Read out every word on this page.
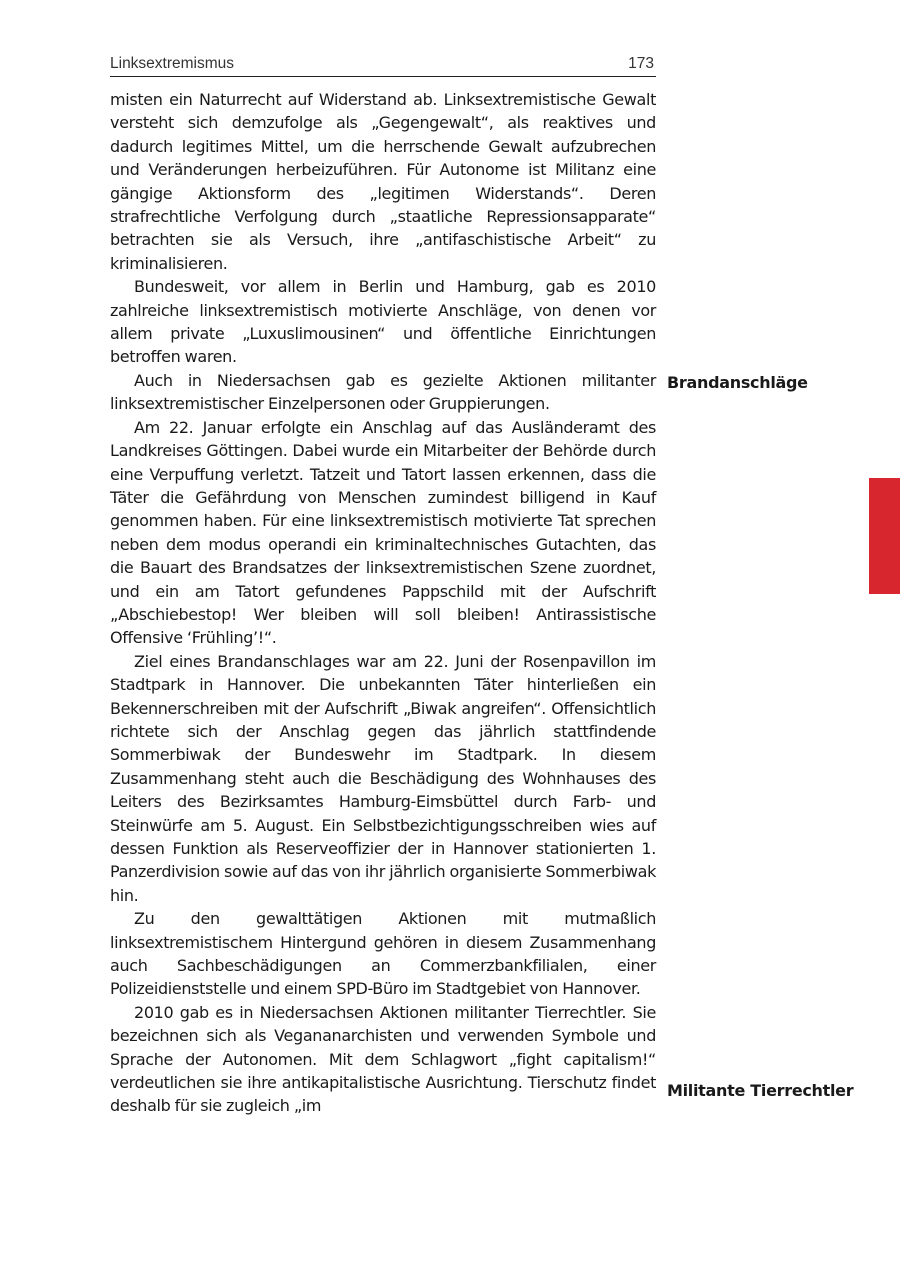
Linksextremismus	173

misten ein Naturrecht auf Widerstand ab. Linksextremistische Gewalt versteht sich demzufolge als „Gegengewalt“, als reaktives und dadurch legitimes Mittel, um die herrschende Gewalt aufzubrechen und Veränderungen herbeizuführen. Für Autonome ist Militanz eine gängige Aktionsform des „legitimen Widerstands“. Deren strafrechtliche Verfolgung durch „staatliche Repressionsapparate“ betrachten sie als Versuch, ihre „antifaschistische Arbeit“ zu kriminalisieren.

Bundesweit, vor allem in Berlin und Hamburg, gab es 2010 zahlreiche linksextremistisch motivierte Anschläge, von denen vor allem private „Luxuslimousinen“ und öffentliche Einrichtungen betroffen waren.

Auch in Niedersachsen gab es gezielte Aktionen militanter linksextremistischer Einzelpersonen oder Gruppierungen.

Am 22. Januar erfolgte ein Anschlag auf das Ausländeramt des Landkreises Göttingen. Dabei wurde ein Mitarbeiter der Behörde durch eine Verpuffung verletzt. Tatzeit und Tatort lassen erkennen, dass die Täter die Gefährdung von Menschen zumindest billigend in Kauf genommen haben. Für eine linksextremistisch motivierte Tat sprechen neben dem modus operandi ein kriminaltechnisches Gutachten, das die Bauart des Brandsatzes der linksextremistischen Szene zuordnet, und ein am Tatort gefundenes Pappschild mit der Aufschrift „Abschiebestop! Wer bleiben will soll bleiben! Antirassistische Offensive ‘Frühling’!“.

Ziel eines Brandanschlages war am 22. Juni der Rosenpavillon im Stadtpark in Hannover. Die unbekannten Täter hinterließen ein Bekennerschreiben mit der Aufschrift „Biwak angreifen“. Offensichtlich richtete sich der Anschlag gegen das jährlich stattfindende Sommerbiwak der Bundeswehr im Stadtpark. In diesem Zusammenhang steht auch die Beschädigung des Wohnhauses des Leiters des Bezirksamtes Hamburg-Eimsbüttel durch Farb- und Steinwürfe am 5. August. Ein Selbstbezichtigungsschreiben wies auf dessen Funktion als Reserveoffizier der in Hannover stationierten 1. Panzerdivision sowie auf das von ihr jährlich organisierte Sommerbiwak hin.

Zu den gewalttätigen Aktionen mit mutmaßlich linksextremistischem Hintergund gehören in diesem Zusammenhang auch Sachbeschädigungen an Commerzbankfilialen, einer Polizeidienststelle und einem SPD-Büro im Stadtgebiet von Hannover.

2010 gab es in Niedersachsen Aktionen militanter Tierrechtler. Sie bezeichnen sich als Vegananarchisten und verwenden Symbole und Sprache der Autonomen. Mit dem Schlagwort „fight capitalism!“ verdeutlichen sie ihre antikapitalistische Ausrichtung. Tierschutz findet deshalb für sie zugleich „im

Brandanschläge
Militante Tierrechtler
